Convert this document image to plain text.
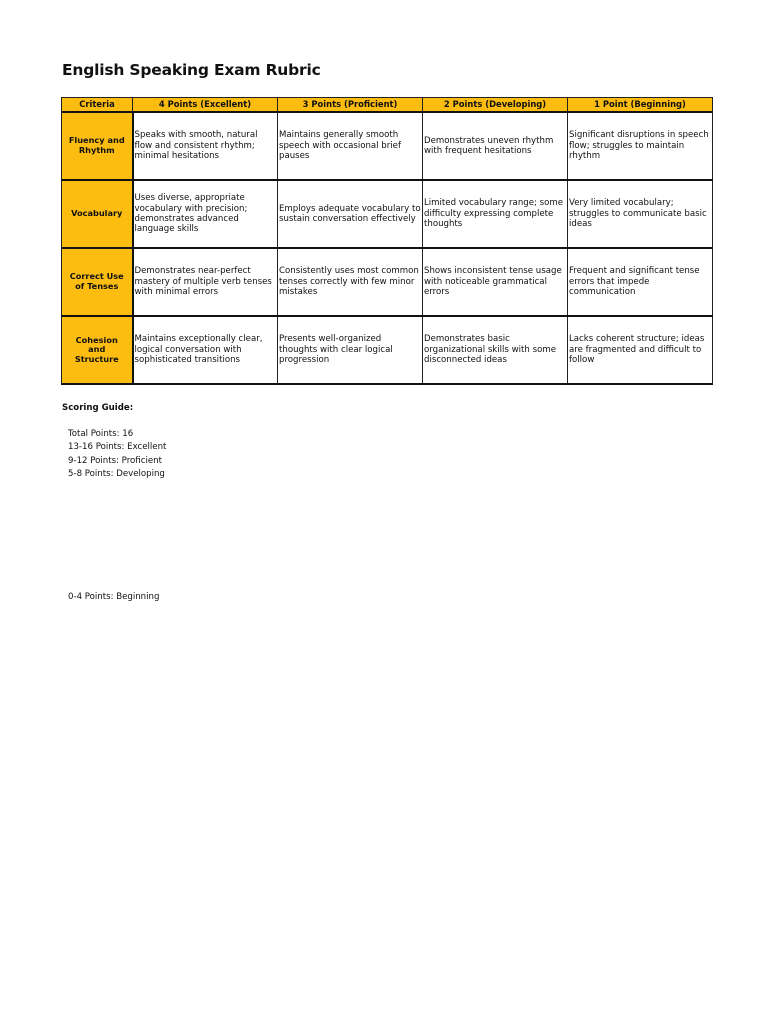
English Speaking Exam Rubric
Criteria	4 Points (Excellent)	3 Points (Proficient)	2 Points (Developing)	1 Point (Beginning)
Fluency and Rhythm	Speaks with smooth, natural flow and consistent rhythm; minimal hesitations	Maintains generally smooth speech with occasional brief pauses	Demonstrates uneven rhythm with frequent hesitations	Significant disruptions in speech flow; struggles to maintain rhythm
Vocabulary	Uses diverse, appropriate vocabulary with precision; demonstrates advanced language skills	Employs adequate vocabulary to sustain conversation effectively	Limited vocabulary range; some difficulty expressing complete thoughts	Very limited vocabulary; struggles to communicate basic ideas
Correct Use of Tenses	Demonstrates near-perfect mastery of multiple verb tenses with minimal errors	Consistently uses most common tenses correctly with few minor mistakes	Shows inconsistent tense usage with noticeable grammatical errors	Frequent and significant tense errors that impede communication
Cohesion and Structure	Maintains exceptionally clear, logical conversation with sophisticated transitions	Presents well-organized thoughts with clear logical progression	Demonstrates basic organizational skills with some disconnected ideas	Lacks coherent structure; ideas are fragmented and difficult to follow
Scoring Guide:
Total Points: 16
13-16 Points: Excellent
9-12 Points: Proficient
5-8 Points: Developing
0-4 Points: Beginning
